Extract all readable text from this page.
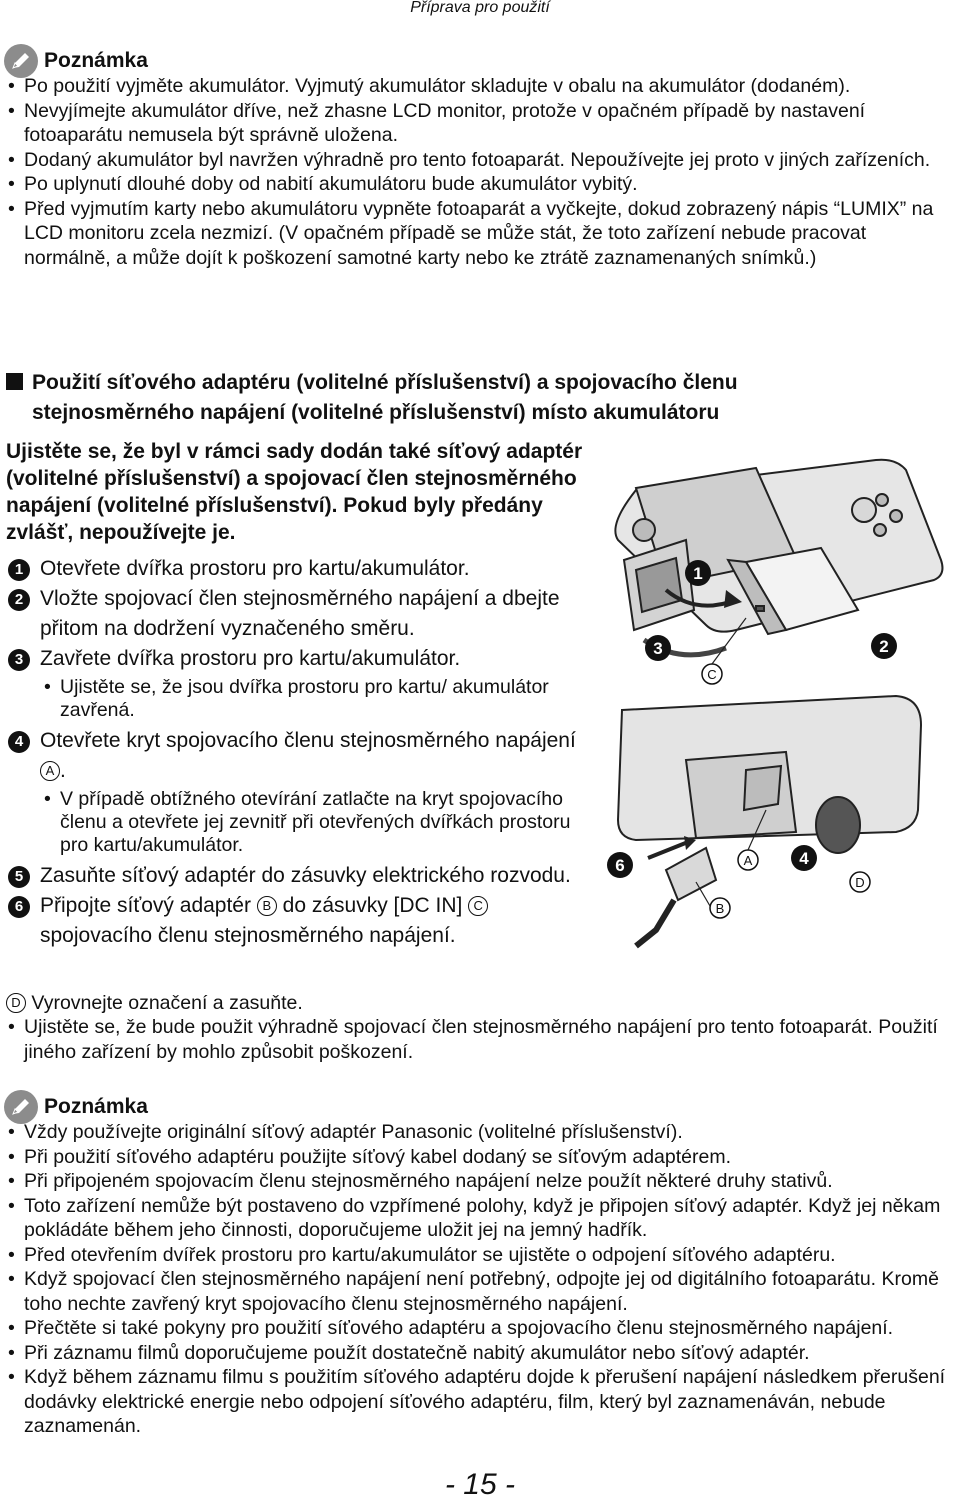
Příprava pro použití
Poznámka
• Po použití vyjměte akumulátor. Vyjmutý akumulátor skladujte v obalu na akumulátor (dodaném).
• Nevyjímejte akumulátor dříve, než zhasne LCD monitor, protože v opačném případě by nastavení fotoaparátu nemusela být správně uložena.
• Dodaný akumulátor byl navržen výhradně pro tento fotoaparát. Nepoužívejte jej proto v jiných zařízeních.
• Po uplynutí dlouhé doby od nabití akumulátoru bude akumulátor vybitý.
• Před vyjmutím karty nebo akumulátoru vypněte fotoaparát a vyčkejte, dokud zobrazený nápis “LUMIX” na LCD monitoru zcela nezmizí. (V opačném případě se může stát, že toto zařízení nebude pracovat normálně, a může dojít k poškození samotné karty nebo ke ztrátě zaznamenaných snímků.)
Použití síťového adaptéru (volitelné příslušenství) a spojovacího členu
stejnosměrného napájení (volitelné příslušenství) místo akumulátoru
Ujistěte se, že byl v rámci sady dodán také síťový adaptér (volitelné příslušenství) a spojovací člen stejnosměrného napájení (volitelné příslušenství). Pokud byly předány zvlášť, nepoužívejte je.
1 Otevřete dvířka prostoru pro kartu/akumulátor.
2 Vložte spojovací člen stejnosměrného napájení a dbejte přitom na dodržení vyznačeného směru.
3 Zavřete dvířka prostoru pro kartu/akumulátor.
• Ujistěte se, že jsou dvířka prostoru pro kartu/ akumulátor zavřená.
4 Otevřete kryt spojovacího členu stejnosměrného napájení A .
• V případě obtížného otevírání zatlačte na kryt spojovacího členu a otevřete jej zevnitř při otevřených dvířkách prostoru pro kartu/akumulátor.
5 Zasuňte síťový adaptér do zásuvky elektrického rozvodu.
6 Připojte síťový adaptér B do zásuvky [DC IN] C spojovacího členu stejnosměrného napájení.
1
3	2
C
6	4
A
B
D
D Vyrovnejte označení a zasuňte.
• Ujistěte se, že bude použit výhradně spojovací člen stejnosměrného napájení pro tento fotoaparát. Použití jiného zařízení by mohlo způsobit poškození.
Poznámka
• Vždy používejte originální síťový adaptér Panasonic (volitelné příslušenství).
• Při použití síťového adaptéru použijte síťový kabel dodaný se síťovým adaptérem.
• Při připojeném spojovacím členu stejnosměrného napájení nelze použít některé druhy stativů.
• Toto zařízení nemůže být postaveno do vzpřímené polohy, když je připojen síťový adaptér. Když jej někam pokládáte během jeho činnosti, doporučujeme uložit jej na jemný hadřík.
• Před otevřením dvířek prostoru pro kartu/akumulátor se ujistěte o odpojení síťového adaptéru.
• Když spojovací člen stejnosměrného napájení není potřebný, odpojte jej od digitálního fotoaparátu. Kromě toho nechte zavřený kryt spojovacího členu stejnosměrného napájení.
• Přečtěte si také pokyny pro použití síťového adaptéru a spojovacího členu stejnosměrného napájení.
• Při záznamu filmů doporučujeme použít dostatečně nabitý akumulátor nebo síťový adaptér.
• Když během záznamu filmu s použitím síťového adaptéru dojde k přerušení napájení následkem přerušení dodávky elektrické energie nebo odpojení síťového adaptéru, film, který byl zaznamenáván, nebude zaznamenán.
- 15 -
